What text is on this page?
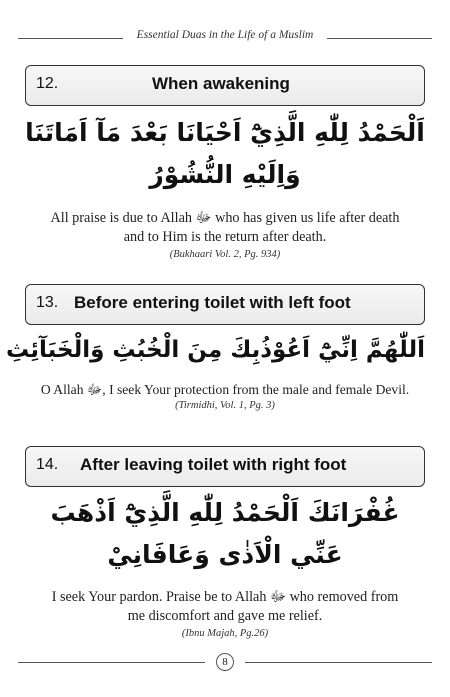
Essential Duas in the Life of a Muslim
12.	When awakening
اَلْحَمْدُ لِلّٰهِ الَّذِيْٓ اَحْيَانَا بَعْدَ مَآ اَمَاتَنَا
وَاِلَيْهِ النُّشُوْرُ
All praise is due to Allah ﷻ who has given us life after death
and to Him is the return after death.
(Bukhaari Vol. 2, Pg. 934)
13. Before entering toilet with left foot
اَللّٰهُمَّ اِنِّيْٓ اَعُوْذُبِكَ مِنَ الْخُبُثِ وَالْخَبَآئِثِ
O Allah ﷻ, I seek Your protection from the male and female Devil.
(Tirmidhi, Vol. 1, Pg. 3)
14. After leaving toilet with right foot
غُفْرَانَكَ اَلْحَمْدُ لِلّٰهِ الَّذِيْٓ اَذْهَبَ
عَنِّي الْاَذٰى وَعَافَانِيْ
I seek Your pardon. Praise be to Allah ﷻ who removed from
me discomfort and gave me relief.
(Ibnu Majah, Pg.26)
8
